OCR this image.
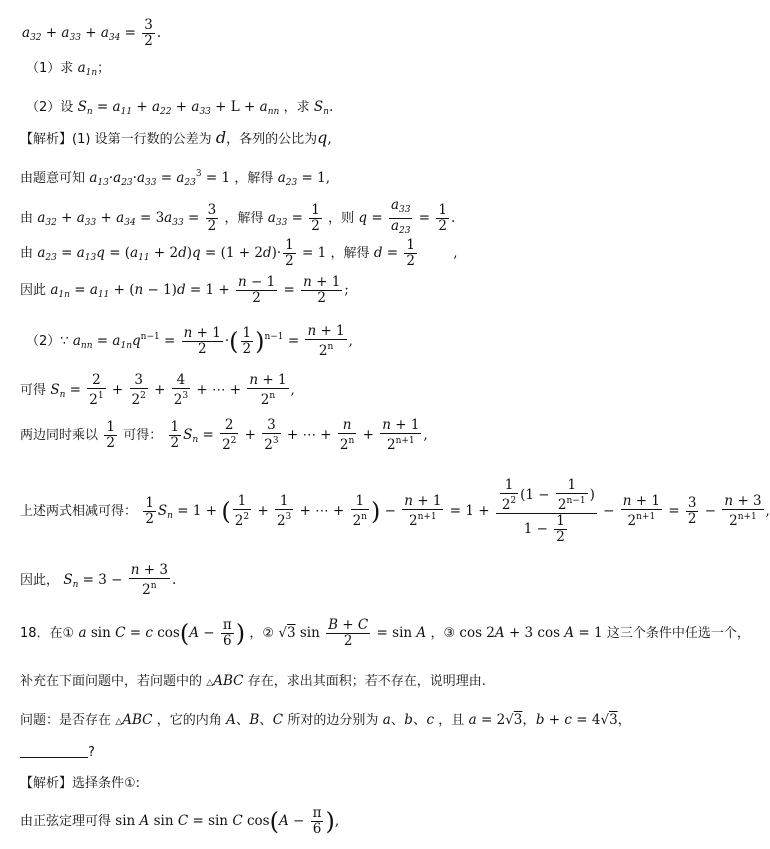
$a_{32} + a_{33} + a_{34} = \frac{3}{2}$ .
（1）求 $a_{1n}$；
（2）设 $S_n = a_{11} + a_{22} + a_{33} + L + a_{nn}$ ，求 $S_n$.
【解析】(1) 设第一行数的公差为 d，各列的公比为q,
由题意可知 $a_{13}\cdot a_{23}\cdot a_{33} = a_{23}^3 = 1$ ，解得 $a_{23} = 1$,
由 $a_{32} + a_{33} + a_{34} = 3a_{33} = \frac{3}{2}$ ，解得 $a_{33} = \frac{1}{2}$ ，则 $q = \frac{a_{33}}{a_{23}} = \frac{1}{2}$ .
由 $a_{23} = a_{13}q = (a_{11} + 2d)q = (1 + 2d)\cdot \frac{1}{2} = 1$ ，解得 $d = \frac{1}{2}$	,
因此 $a_{1n} = a_{11} + (n - 1)d = 1 + \frac{n - 1}{2} = \frac{n + 1}{2}$ ;
（2）∵ $a_{nn} = a_{1n}q^{n-1} = \frac{n + 1}{2}$ ·( $\frac{1}{2} )^{n-1} = \frac{n + 1}{2^n}$ ,
可得 $S_n = \frac{2}{2^1} + \frac{3}{2^2} + \frac{4}{2^3}$ + ⋯ + $\frac{n + 1}{2^n}$ ,
两边同时乘以 $\frac{1}{2}$ 可得： $\frac{1}{2} S_n = \frac{2}{2^2} + \frac{3}{2^3}$ + ⋯ + $\frac{n}{2^n} + \frac{n + 1}{2^{n+1}}$ ,
上述两式相减可得： $\frac{1}{2} S_n = 1$ + ( $\frac{1}{2^2} + \frac{1}{2^3}$ + ⋯ + $\frac{1}{2^n}$ ) − $\frac{n + 1}{2^{n+1}} = 1 + \frac{\frac{1}{2^2} (1 - \frac{1}{2^{n-1}} )}{1 - \frac{1}{2}} - \frac{n + 1}{2^{n+1}} = \frac{3}{2} - \frac{n + 3}{2^{n+1}}$ ,
因此， $S_n = 3 - \frac{n + 3}{2^n}$ .
18．在① a sin C = c $\cos(A - \frac{\pi}{6}$ ) ，② √3 $\sin \frac{B + C}{2} = \sin A$ ，③ cos 2A + 3 cos A = 1 这三个条件中任选一个，
补充在下面问题中，若问题中的 △ABC 存在，求出其面积；若不存在，说明理由.
问题：是否存在 △ABC ，它的内角 A、B、C 所对的边分别为 a、b、c ，且 a = 2√3，b + c = 4√3，
?
【解析】选择条件①:
由正弦定理可得 sin A sin C = sin C $\cos(A - \frac{\pi}{6}$ ),
